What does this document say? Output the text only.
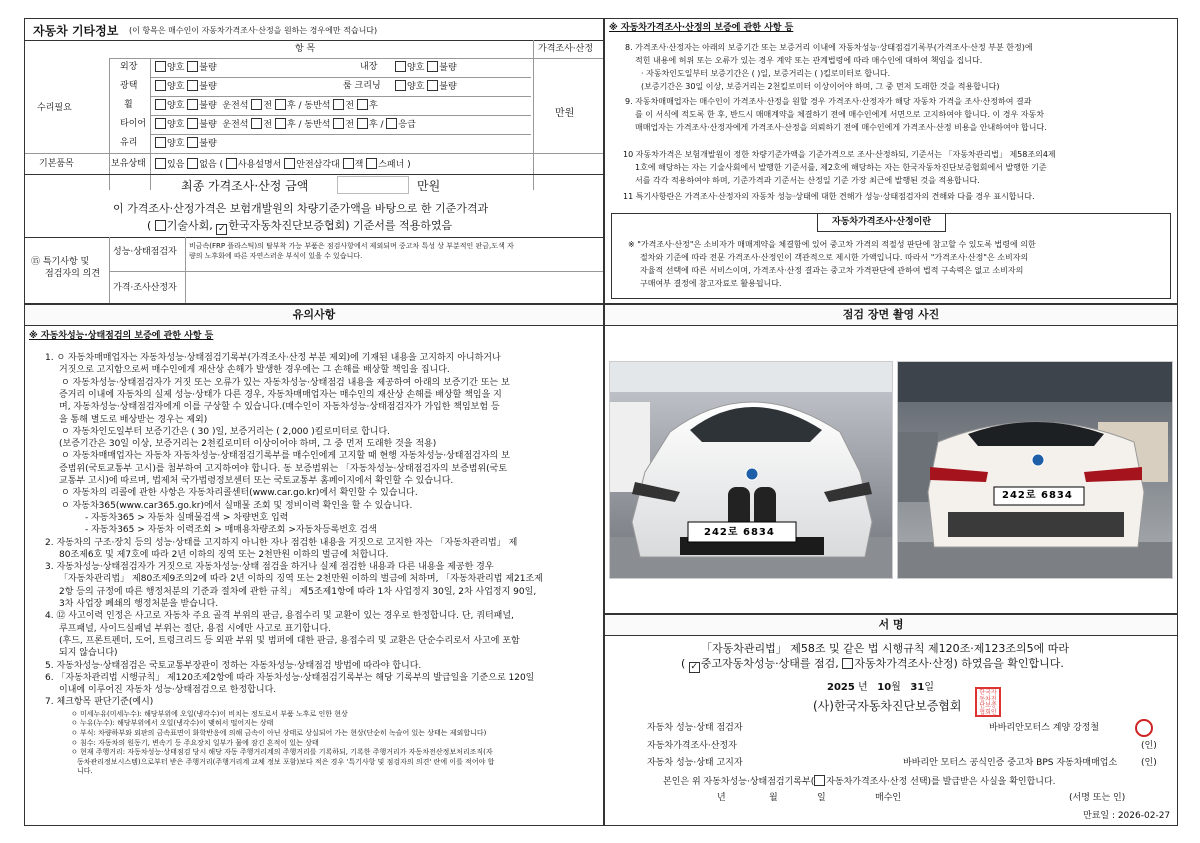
자동차 기타정보 (이 항목은 매수인이 자동차가격조사·산정을 원하는 경우에만 적습니다)
항 목	가격조사·산정
수리필요	만원
외장	양호 불량	내장	양호 불량
광택	양호 불량	룸 크리닝	양호 불량
휠	양호 불량 운전석 전 후 / 동반석 전 후
타이어	양호 불량 운전석 전 후 / 동반석 전 후 / 응급
유리	양호 불량
기본품목	보유상태	있음 없음 ( 사용설명서 안전삼각대 잭 스패너 )
최종 가격조사·산정 금액	만원
이 가격조사·산정가격은 보험개발원의 차량기준가액을 바탕으로 한 기준가격과
( 기술사회, ✓ 한국자동차진단보증협회) 기준서를 적용하였음
⑮ 특기사항 및
점검자의 의견
성능·상태점검자
비금속(FRP 플라스틱)의 탈부착 가능 부품은 점검사항에서 제외되며 중고차 특성 상 부분적인 판금,도색 자
량의 노후화에 따른 자연스러운 부식이 있을 수 있습니다.
가격·조사산정자
※ 자동차가격조사·산정의 보증에 관한 사항 등
8. 가격조사·산정자는 아래의 보증기간 또는 보증거리 이내에 자동차성능·상태점검기록부(가격조사·산정 부분 한정)에
적힌 내용에 허위 또는 오류가 있는 경우 계약 또는 관계법령에 따라 매수인에 대하여 책임을 집니다.
· 자동차인도일부터 보증기간은 ( )일, 보증거리는 ( )킬로미터로 합니다.
(보증기간은 30일 이상, 보증거리는 2천킬로미터 이상이어야 하며, 그 중 먼저 도래한 것을 적용합니다)
9. 자동차매매업자는 매수인이 가격조사·산정을 원할 경우 가격조사·산정자가 해당 자동차 가격을 조사·산정하여 결과
를 이 서식에 적도록 한 후, 반드시 매매계약을 체결하기 전에 매수인에게 서면으로 고지하여야 합니다. 이 경우 자동차
매매업자는 가격조사·산정자에게 가격조사·산정을 의뢰하기 전에 매수인에게 가격조사·산정 비용을 안내하여야 합니다.
10 자동차가격은 보험개발원이 정한 차량기준가액을 기준가격으로 조사·산정하되, 기준서는 「자동차관리법」 제58조의4제
1호에 해당하는 자는 기술사회에서 발행한 기준서를, 제2호에 해당하는 자는 한국자동차진단보증협회에서 발행한 기준
서를 각각 적용하여야 하며, 기준가격과 기준서는 산정일 기준 가장 최근에 발행된 것을 적용합니다.
11 특기사항란은 가격조사·산정자의 자동차 성능·상태에 대한 견해가 성능·상태점검자의 견해와 다를 경우 표시합니다.
자동차가격조사·산정이란
※ "가격조사·산정"은 소비자가 매매계약을 체결함에 있어 중고차 가격의 적절성 판단에 참고할 수 있도록 법령에 의한
절차와 기준에 따라 전문 가격조사·산정인이 객관적으로 제시한 가액입니다. 따라서 "가격조사·산정"은 소비자의
자율적 선택에 따른 서비스이며, 가격조사·산정 결과는 중고차 가격판단에 관하여 법적 구속력은 없고 소비자의
구매여부 결정에 참고자료로 활용됩니다.
유의사항
※ 자동차성능·상태점검의 보증에 관한 사항 등
1. ㅇ 자동차매매업자는 자동차성능·상태점검기록부(가격조사·산정 부분 제외)에 기재된 내용을 고지하지 아니하거나
거짓으로 고지함으로써 매수인에게 재산상 손해가 발생한 경우에는 그 손해를 배상할 책임을 집니다.
ㅇ 자동차성능·상태점검자가 거짓 또는 오류가 있는 자동차성능·상태점검 내용을 제공하여 아래의 보증기간 또는 보
증거리 이내에 자동차의 실제 성능·상태가 다른 경우, 자동차매매업자는 매수인의 재산상 손해를 배상할 책임을 지
며, 자동차성능·상태점검자에게 이를 구상할 수 있습니다.(매수인이 자동차성능·상태점검자가 가입한 책임보험 등
을 통해 별도로 배상받는 경우는 제외)
ㅇ 자동차인도일부터 보증기간은 ( 30 )일, 보증거리는 ( 2,000 )킬로미터로 합니다.
(보증기간은 30일 이상, 보증거리는 2천킬로미터 이상이어야 하며, 그 중 먼저 도래한 것을 적용)
ㅇ 자동차매매업자는 자동차 자동차성능·상태점검기록부를 매수인에게 고지할 때 현행 자동차성능·상태점검자의 보
증범위(국토교통부 고시)를 첨부하여 고지하여야 합니다. 동 보증범위는 「자동차성능·상태점검자의 보증범위(국토
교통부 고시)에 따르며, 법제처 국가법령정보센터 또는 국토교통부 홈페이지에서 확인할 수 있습니다.
ㅇ 자동차의 리콜에 관한 사항은 자동차리콜센터(www.car.go.kr)에서 확인할 수 있습니다.
ㅇ 자동차365(www.car365.go.kr)에서 실매물 조회 및 정비이력 확인을 할 수 있습니다.
- 자동차365 > 자동차 실매물검색 > 차량번호 입력
- 자동차365 > 자동차 이력조회 > 매매용차량조회 >자동차등록번호 검색
2. 자동차의 구조·장치 등의 성능·상태를 고지하지 아니한 자나 점검한 내용을 거짓으로 고지한 자는 「자동차관리법」 제
80조제6호 및 제7호에 따라 2년 이하의 징역 또는 2천만원 이하의 벌금에 처합니다.
3. 자동차성능·상태점검자가 거짓으로 자동차성능·상태 점검을 하거나 실제 점검한 내용과 다른 내용을 제공한 경우
「자동차관리법」 제80조제9조의2에 따라 2년 이하의 징역 또는 2천만원 이하의 벌금에 처하며, 「자동차관리법 제21조제
2항 등의 규정에 따른 행정처분의 기준과 절차에 관한 규칙」 제5조제1항에 따라 1차 사업정지 30일, 2차 사업정지 90일,
3차 사업장 폐쇄의 행정처분을 받습니다.
4. ⑫ 사고이력 인정은 사고로 자동차 주요 골격 부위의 판금, 용접수리 및 교환이 있는 경우로 한정합니다. 단, 쿼터패널,
루프패널, 사이드실패널 부위는 절단, 용접 시에만 사고로 표기합니다.
(후드, 프론트펜더, 도어, 트렁크리드 등 외판 부위 및 범퍼에 대한 판금, 용접수리 및 교환은 단순수리로서 사고에 포함
되지 않습니다)
5. 자동차성능·상태점검은 국토교통부장관이 정하는 자동차성능·상태점검 방법에 따라야 합니다.
6. 「자동차관리법 시행규칙」 제120조제2항에 따라 자동차성능·상태점검기록부는 해당 기록부의 발급일을 기준으로 120일
이내에 이루어진 자동차 성능·상태점검으로 한정합니다.
7. 체크항목 판단기준(예시)
ㅇ 미세누유(미세누수): 해당부위에 오일(냉각수)이 비치는 정도로서 부품 노후로 인한 현상
ㅇ 누유(누수): 해당부위에서 오일(냉각수)이 맺혀서 떨어지는 상태
ㅇ 부식: 차량하부와 외판의 금속표면이 화학반응에 의해 금속이 아닌 상태로 상실되어 가는 현상(단순히 녹슬어 있는 상태는 제외합니다)
ㅇ 침수: 자동차의 원동기, 변속기 등 주요장치 일부가 물에 잠긴 흔적이 있는 상태
ㅇ 현재 주행거리: 자동차성능·상태점검 당시 해당 자동 주행거리계의 주행거리를 기록하되, 기록한 주행거리가 자동차전산정보처리조직(자
동차관리정보시스템)으로부터 받은 주행거리(주행거리계 교체 정보 포함)보다 적은 경우 '특기사항 및 점검자의 의견' 란에 이를 적어야 합
니다.
점검 장면 촬영 사진
242로 6834
242로 6834
서 명
「자동차관리법」 제58조 및 같은 법 시행규칙 제120조·제123조의5에 따라
( ✓ 중고자동차성능·상태를 점검, 자동차가격조사·산정) 하였음을 확인합니다.
2025 년 10월 31일
(사)한국자동차진단보증협회
한국자동차진단보증협회인
자동차 성능·상태 점검자	바바리안모터스 계양 강정철
자동차가격조사·산정자	(인)
자동차 성능·상태 고지자	바바리안 모터스 공식인증 중고차 BPS 자동차매매업소	(인)
본인은 위 자동차성능·상태점검기록부( 자동차가격조사·산정 선택)를 발급받은 사실을 확인합니다.
년	월	일	매수인	(서명 또는 인)
만료일 : 2026-02-27
